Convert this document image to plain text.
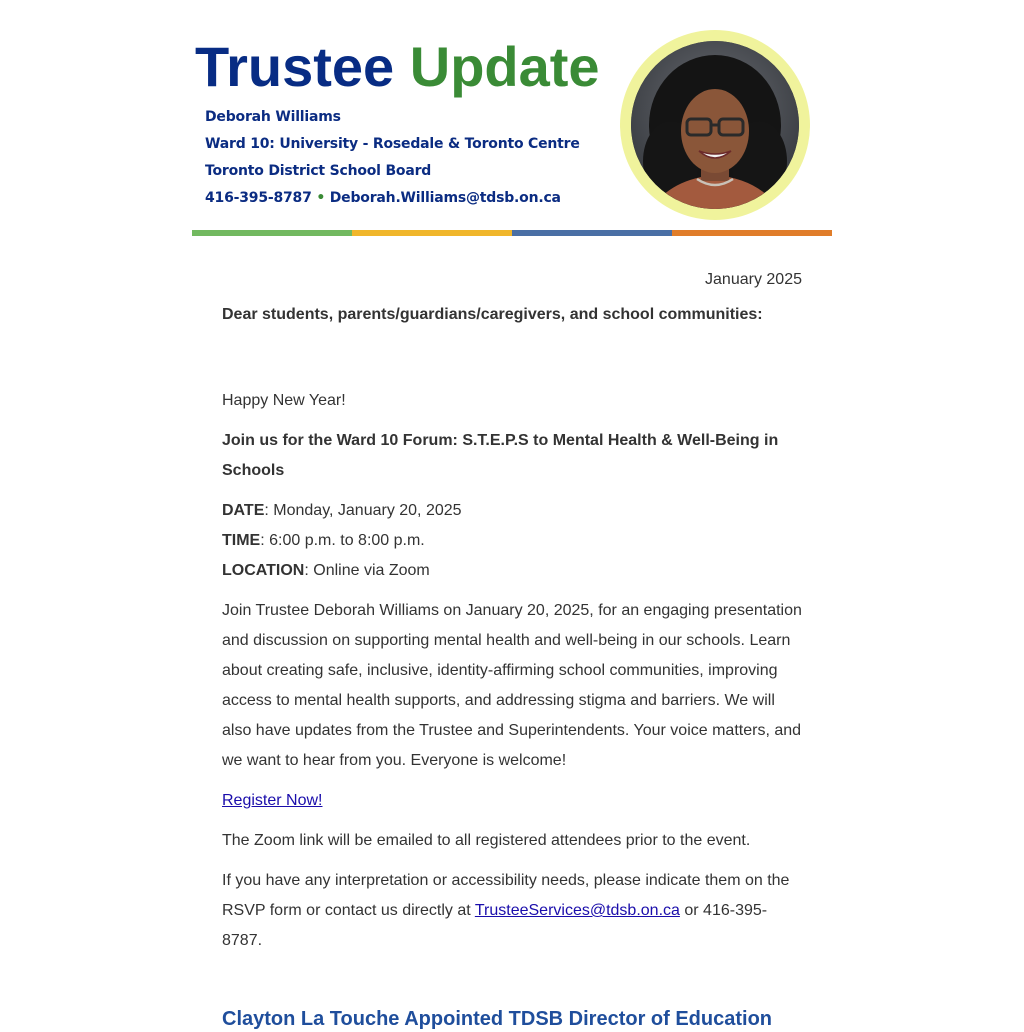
Trustee Update
Deborah Williams
Ward 10: University - Rosedale & Toronto Centre
Toronto District School Board
416-395-8787 • Deborah.Williams@tdsb.on.ca
January 2025

Dear students, parents/guardians/caregivers, and school communities:

Happy New Year!

Join us for the Ward 10 Forum: S.T.E.P.S to Mental Health & Well-Being in Schools

DATE: Monday, January 20, 2025

TIME: 6:00 p.m. to 8:00 p.m.

LOCATION: Online via Zoom

Join Trustee Deborah Williams on January 20, 2025, for an engaging presentation and discussion on supporting mental health and well-being in our schools. Learn about creating safe, inclusive, identity-affirming school communities, improving access to mental health supports, and addressing stigma and barriers. We will also have updates from the Trustee and Superintendents. Your voice matters, and we want to hear from you. Everyone is welcome!

Register Now!

The Zoom link will be emailed to all registered attendees prior to the event.

If you have any interpretation or accessibility needs, please indicate them on the RSVP form or contact us directly at TrusteeServices@tdsb.on.ca or 416-395-8787.

Clayton La Touche Appointed TDSB Director of Education
